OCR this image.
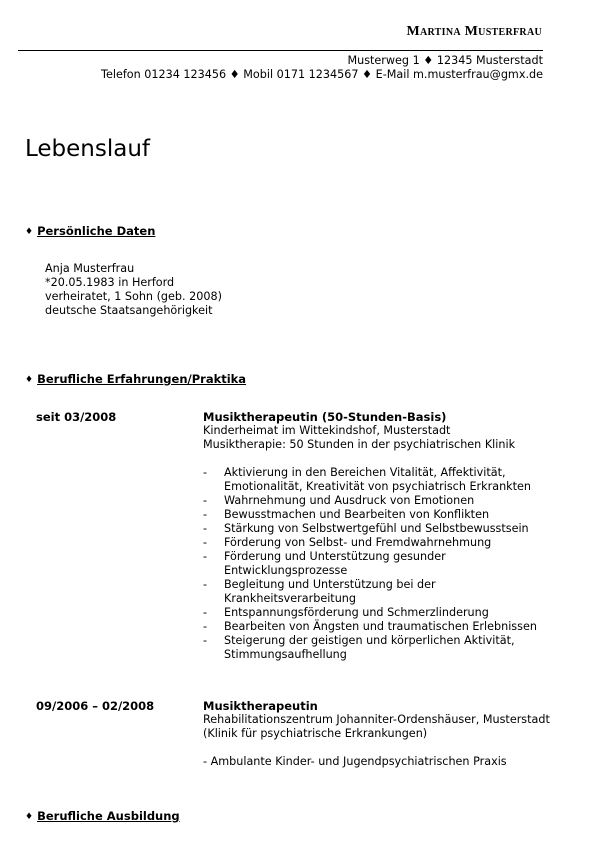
Martina Musterfrau
Musterweg 1 ♦ 12345 Musterstadt
Telefon 01234 123456 ♦ Mobil 0171 1234567 ♦ E-Mail m.musterfrau@gmx.de
Lebenslauf
♦ Persönliche Daten
Anja Musterfrau
*20.05.1983 in Herford
verheiratet, 1 Sohn (geb. 2008)
deutsche Staatsangehörigkeit
♦ Berufliche Erfahrungen/Praktika
seit 03/2008	Musiktherapeutin (50-Stunden-Basis)
Kinderheimat im Wittekindshof, Musterstadt
Musiktherapie: 50 Stunden in der psychiatrischen Klinik
- Aktivierung in den Bereichen Vitalität, Affektivität, Emotionalität, Kreativität von psychiatrisch Erkrankten
- Wahrnehmung und Ausdruck von Emotionen
- Bewusstmachen und Bearbeiten von Konflikten
- Stärkung von Selbstwertgefühl und Selbstbewusstsein
- Förderung von Selbst- und Fremdwahrnehmung
- Förderung und Unterstützung gesunder Entwicklungsprozesse
- Begleitung und Unterstützung bei der Krankheitsverarbeitung
- Entspannungsförderung und Schmerzlinderung
- Bearbeiten von Ängsten und traumatischen Erlebnissen
- Steigerung der geistigen und körperlichen Aktivität, Stimmungsaufhellung
09/2006 – 02/2008	Musiktherapeutin
Rehabilitationszentrum Johanniter-Ordenshäuser, Musterstadt
(Klinik für psychiatrische Erkrankungen)
- Ambulante Kinder- und Jugendpsychiatrischen Praxis
♦ Berufliche Ausbildung
